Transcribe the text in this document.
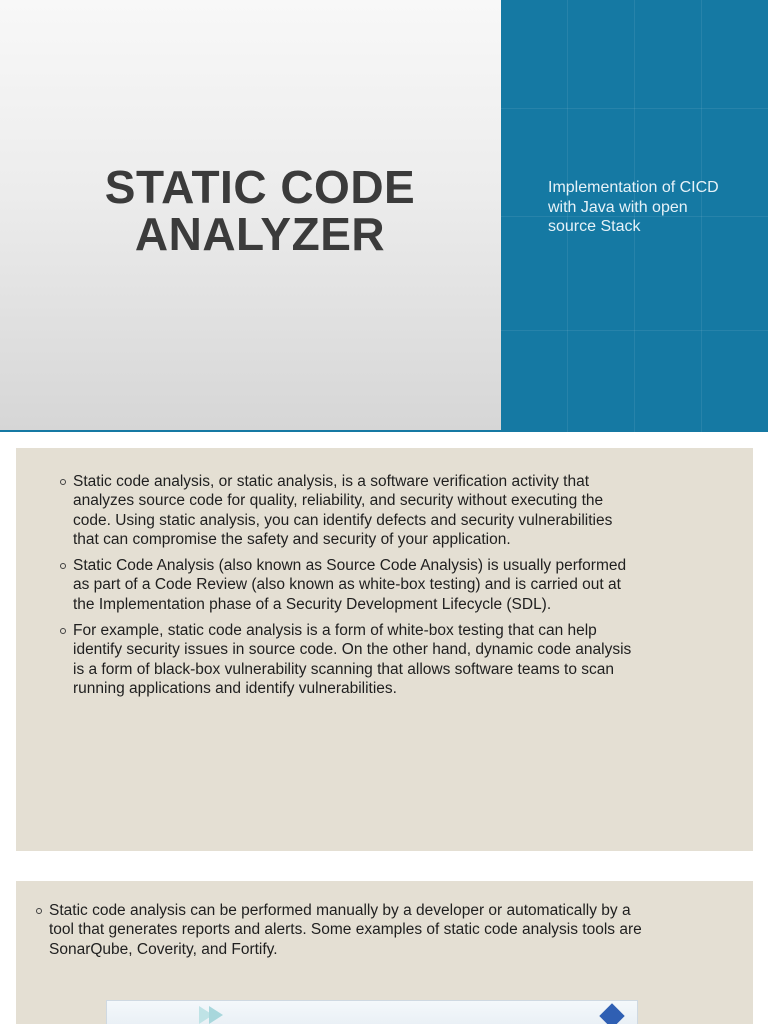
STATIC CODE
ANALYZER
Implementation of CICD with Java with open source Stack
Static code analysis, or static analysis, is a software verification activity that analyzes source code for quality, reliability, and security without executing the code. Using static analysis, you can identify defects and security vulnerabilities that can compromise the safety and security of your application.
Static Code Analysis (also known as Source Code Analysis) is usually performed as part of a Code Review (also known as white-box testing) and is carried out at the Implementation phase of a Security Development Lifecycle (SDL).
For example, static code analysis is a form of white-box testing that can help identify security issues in source code. On the other hand, dynamic code analysis is a form of black-box vulnerability scanning that allows software teams to scan running applications and identify vulnerabilities.
Static code analysis can be performed manually by a developer or automatically by a tool that generates reports and alerts. Some examples of static code analysis tools are SonarQube, Coverity, and Fortify.
